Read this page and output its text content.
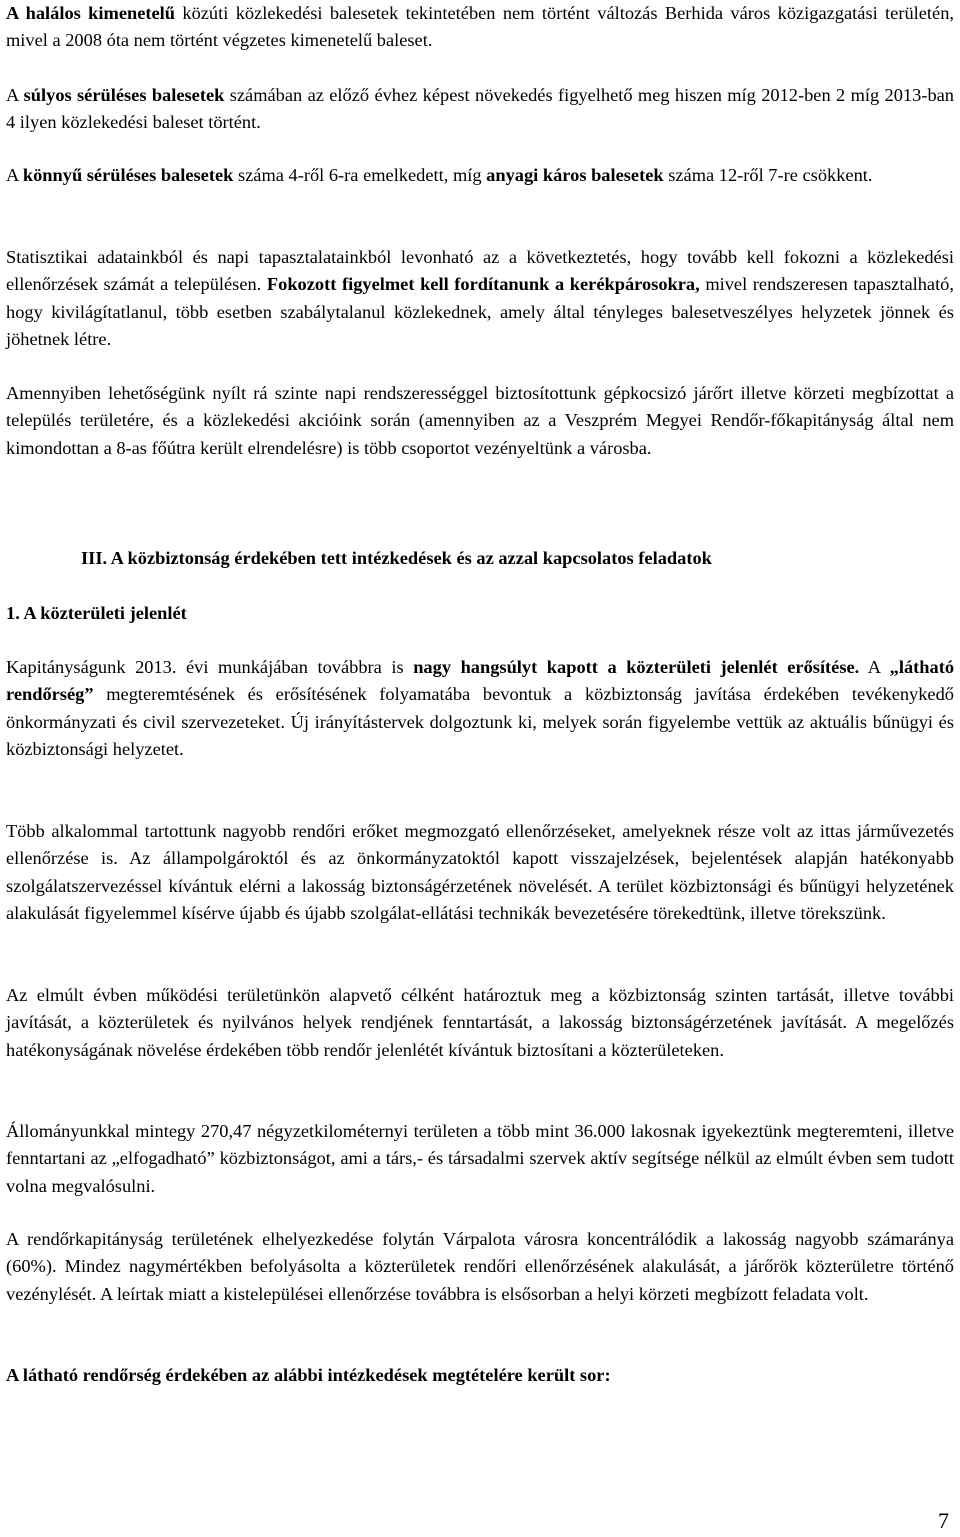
A halálos kimenetelű közúti közlekedési balesetek tekintetében nem történt változás Berhida város közigazgatási területén, mivel a 2008 óta nem történt végzetes kimenetelű baleset.

A súlyos sérüléses balesetek számában az előző évhez képest növekedés figyelhető meg hiszen míg 2012-ben 2 míg 2013-ban 4 ilyen közlekedési baleset történt.

A könnyű sérüléses balesetek száma 4-ről 6-ra emelkedett, míg anyagi káros balesetek száma 12-ről 7-re csökkent.

Statisztikai adatainkból és napi tapasztalatainkból levonható az a következtetés, hogy tovább kell fokozni a közlekedési ellenőrzések számát a településen. Fokozott figyelmet kell fordítanunk a kerékpárosokra, mivel rendszeresen tapasztalható, hogy kivilágítatlanul, több esetben szabálytalanul közlekednek, amely által tényleges balesetveszélyes helyzetek jönnek és jöhetnek létre.

Amennyiben lehetőségünk nyílt rá szinte napi rendszerességgel biztosítottunk gépkocsizó járőrt illetve körzeti megbízottat a település területére, és a közlekedési akcióink során (amennyiben az a Veszprém Megyei Rendőr-főkapitányság által nem kimondottan a 8-as főútra került elrendelésre) is több csoportot vezényeltünk a városba.

III. A közbiztonság érdekében tett intézkedések és az azzal kapcsolatos feladatok
1. A közterületi jelenlét

Kapitányságunk 2013. évi munkájában továbbra is nagy hangsúlyt kapott a közterületi jelenlét erősítése. A „látható rendőrség” megteremtésének és erősítésének folyamatába bevontuk a közbiztonság javítása érdekében tevékenykedő önkormányzati és civil szervezeteket. Új irányítástervek dolgoztunk ki, melyek során figyelembe vettük az aktuális bűnügyi és közbiztonsági helyzetet.

Több alkalommal tartottunk nagyobb rendőri erőket megmozgató ellenőrzéseket, amelyeknek része volt az ittas járművezetés ellenőrzése is. Az állampolgároktól és az önkormányzatoktól kapott visszajelzések, bejelentések alapján hatékonyabb szolgálatszervezéssel kívántuk elérni a lakosság biztonságérzetének növelését. A terület közbiztonsági és bűnügyi helyzetének alakulását figyelemmel kísérve újabb és újabb szolgálat-ellátási technikák bevezetésére törekedtünk, illetve törekszünk.

Az elmúlt évben működési területünkön alapvető célként határoztuk meg a közbiztonság szinten tartását, illetve további javítását, a közterületek és nyilvános helyek rendjének fenntartását, a lakosság biztonságérzetének javítását. A megelőzés hatékonyságának növelése érdekében több rendőr jelenlétét kívántuk biztosítani a közterületeken.

Állományunkkal mintegy 270,47 négyzetkilométernyi területen a több mint 36.000 lakosnak igyekeztünk megteremteni, illetve fenntartani az „elfogadható” közbiztonságot, ami a társ,- és társadalmi szervek aktív segítsége nélkül az elmúlt évben sem tudott volna megvalósulni.

A rendőrkapitányság területének elhelyezkedése folytán Várpalota városra koncentrálódik a lakosság nagyobb számaránya (60%). Mindez nagymértékben befolyásolta a közterületek rendőri ellenőrzésének alakulását, a járőrök közterületre történő vezénylését. A leírtak miatt a kistelepülései ellenőrzése továbbra is elsősorban a helyi körzeti megbízott feladata volt.

A látható rendőrség érdekében az alábbi intézkedések megtételére került sor:

7
